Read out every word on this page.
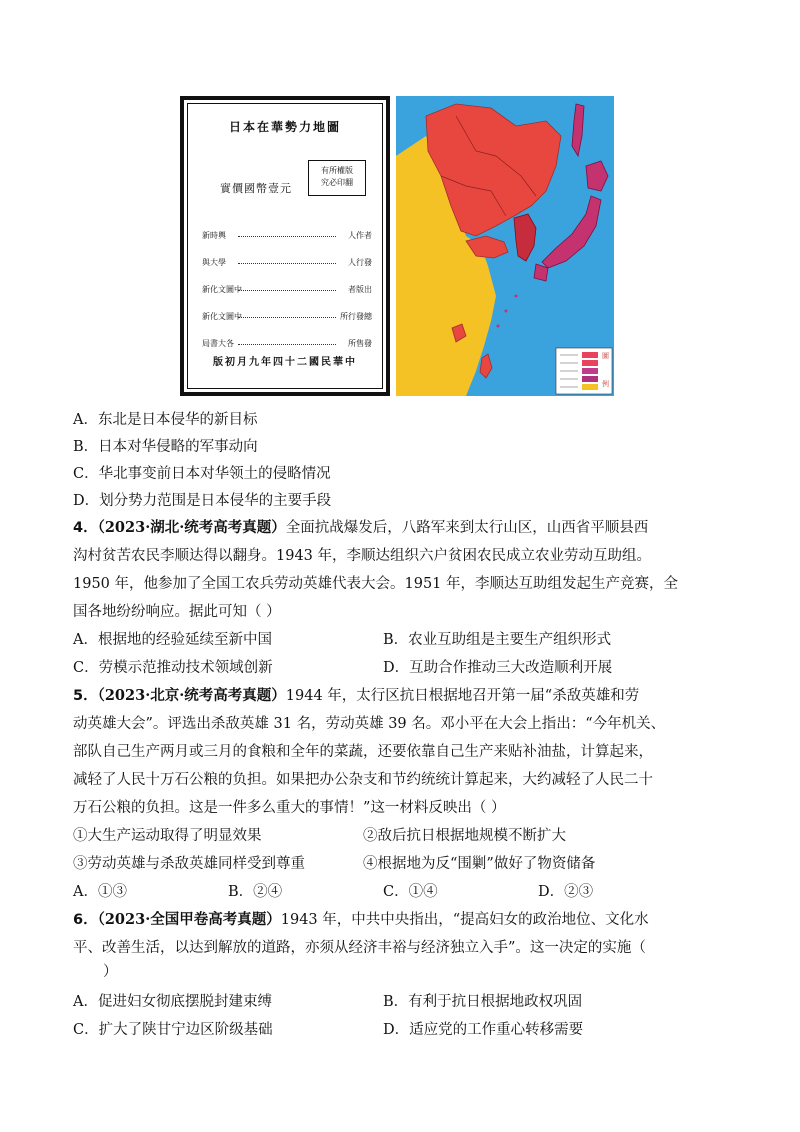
日本在華勢力地圖
實價國幣壹元
有所權版
究必印翻
新時輿	人作者
與大學	人行發
新化文圖中	者版出
新化文圖中	所行發總
局書大各	所售發
版初月九年四十二國民華中
圖
例
A．东北是日本侵华的新目标
B．日本对华侵略的军事动向
C．华北事变前日本对华领土的侵略情况
D．划分势力范围是日本侵华的主要手段
4．（2023·湖北·统考高考真题）全面抗战爆发后，八路军来到太行山区，山西省平顺县西
沟村贫苦农民李顺达得以翻身。1943 年，李顺达组织六户贫困农民成立农业劳动互助组。
1950 年，他参加了全国工农兵劳动英雄代表大会。1951 年，李顺达互助组发起生产竞赛，全
国各地纷纷响应。据此可知（ ）
A．根据地的经验延续至新中国	B．农业互助组是主要生产组织形式
C．劳模示范推动技术领域创新	D．互助合作推动三大改造顺利开展
5．（2023·北京·统考高考真题）1944 年，太行区抗日根据地召开第一届“杀敌英雄和劳
动英雄大会”。评选出杀敌英雄 31 名，劳动英雄 39 名。邓小平在大会上指出：“今年机关、
部队自己生产两月或三月的食粮和全年的菜蔬，还要依靠自己生产来贴补油盐，计算起来，
减轻了人民十万石公粮的负担。如果把办公杂支和节约统统计算起来，大约减轻了人民二十
万石公粮的负担。这是一件多么重大的事情！”这一材料反映出（ ）
①大生产运动取得了明显效果	②敌后抗日根据地规模不断扩大
③劳动英雄与杀敌英雄同样受到尊重	④根据地为反“围剿”做好了物资储备
A．①③	B．②④	C．①④	D．②③
6．（2023·全国甲卷高考真题）1943 年，中共中央指出，“提高妇女的政治地位、文化水
平、改善生活，以达到解放的道路，亦须从经济丰裕与经济独立入手”。这一决定的实施（
）
A．促进妇女彻底摆脱封建束缚	B．有利于抗日根据地政权巩固
C．扩大了陕甘宁边区阶级基础	D．适应党的工作重心转移需要
